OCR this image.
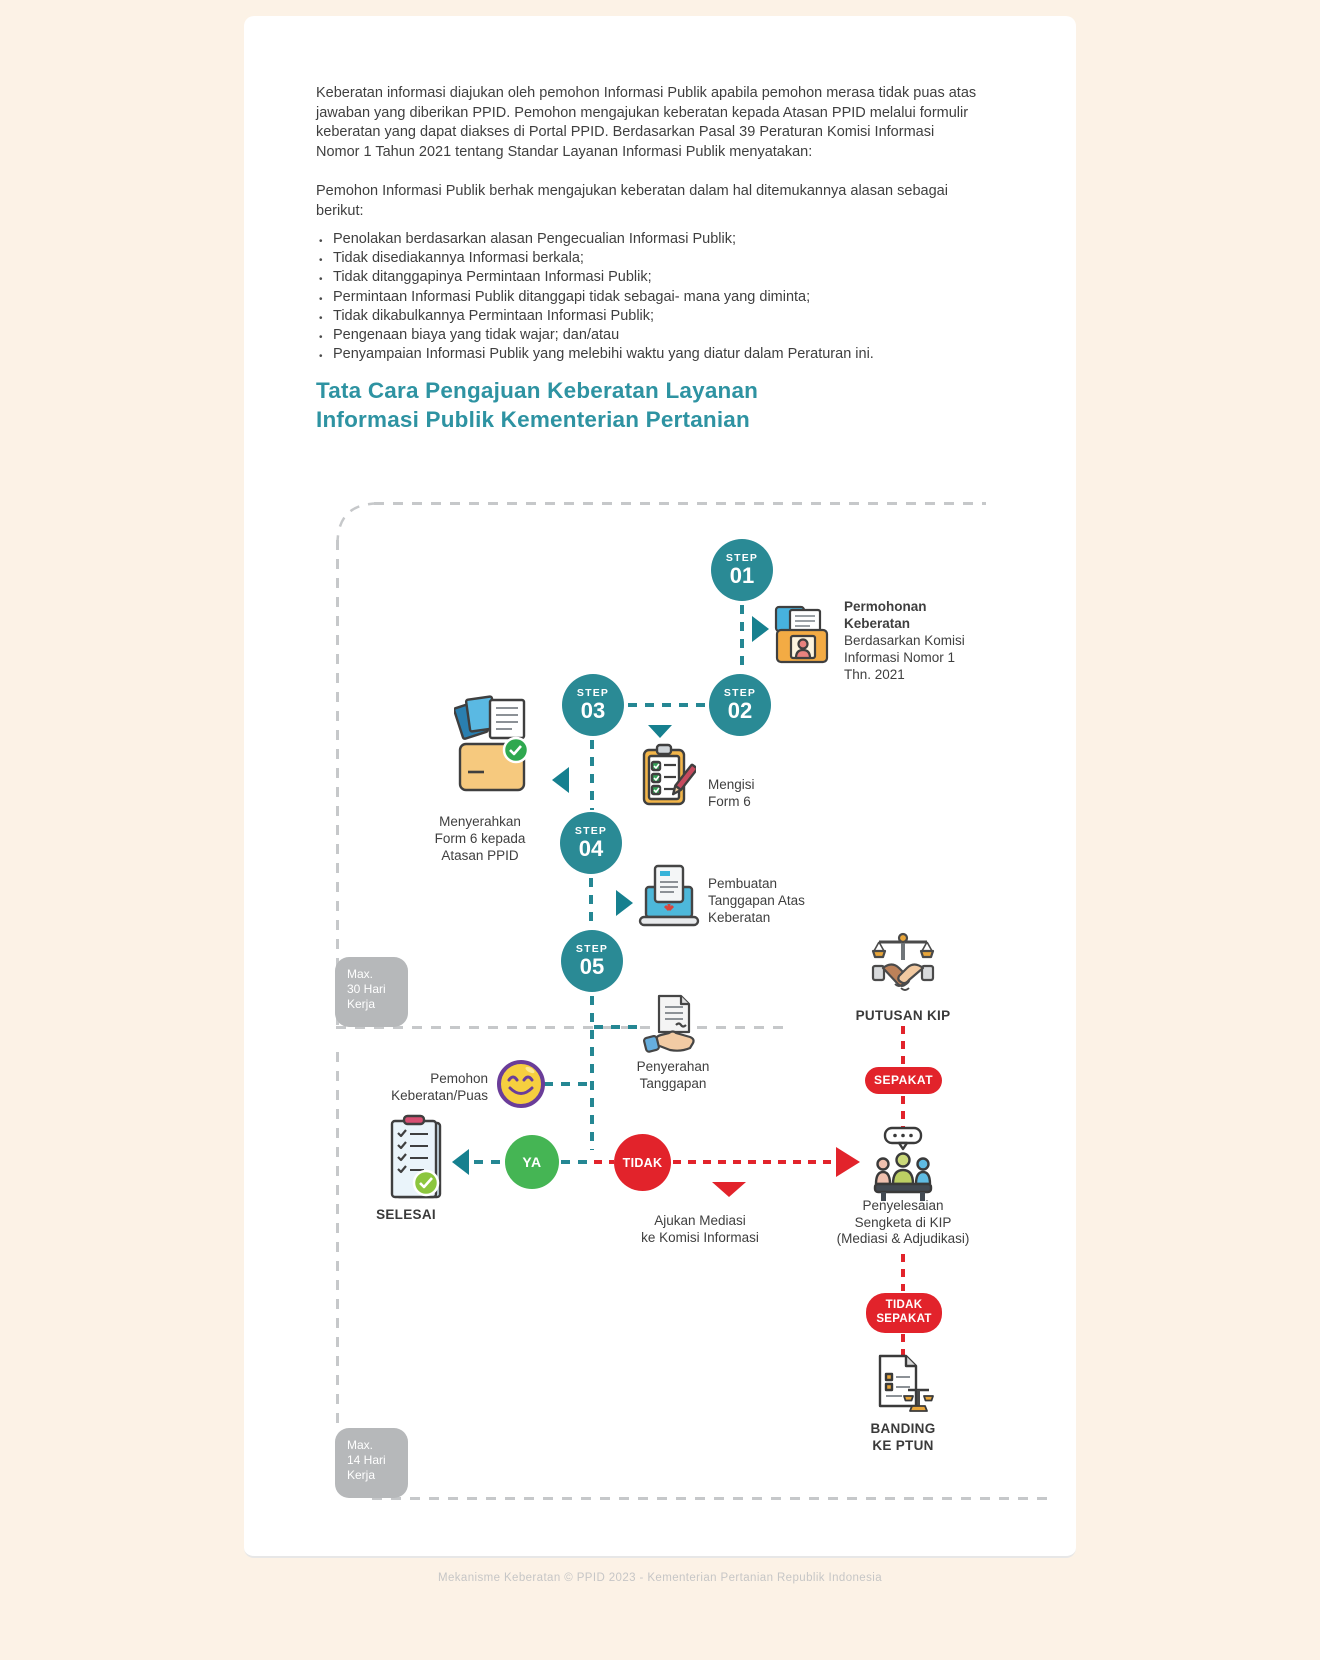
Keberatan informasi diajukan oleh pemohon Informasi Publik apabila pemohon merasa tidak puas atas jawaban yang diberikan PPID. Pemohon mengajukan keberatan kepada Atasan PPID melalui formulir keberatan yang dapat diakses di Portal PPID. Berdasarkan Pasal 39 Peraturan Komisi Informasi Nomor 1 Tahun 2021 tentang Standar Layanan Informasi Publik menyatakan:

Pemohon Informasi Publik berhak mengajukan keberatan dalam hal ditemukannya alasan sebagai berikut:

• Penolakan berdasarkan alasan Pengecualian Informasi Publik;
• Tidak disediakannya Informasi berkala;
• Tidak ditanggapinya Permintaan Informasi Publik;
• Permintaan Informasi Publik ditanggapi tidak sebagai- mana yang diminta;
• Tidak dikabulkannya Permintaan Informasi Publik;
• Pengenaan biaya yang tidak wajar; dan/atau
• Penyampaian Informasi Publik yang melebihi waktu yang diatur dalam Peraturan ini.
Tata Cara Pengajuan Keberatan Layanan
Informasi Publik Kementerian Pertanian
Max.
30 Hari
Kerja
Max.
14 Hari
Kerja
STEP
01
STEP
02
STEP
03
STEP
04
STEP
05
YA	TIDAK
SEPAKAT
TIDAK
SEPAKAT
Permohonan
Keberatan
Berdasarkan Komisi
Informasi Nomor 1
Thn. 2021
Mengisi
Form 6
Menyerahkan
Form 6 kepada
Atasan PPID
Pembuatan
Tanggapan Atas
Keberatan
Penyerahan
Tanggapan
Pemohon
Keberatan/Puas
SELESAI	Ajukan Mediasi
ke Komisi Informasi
PUTUSAN KIP
Penyelesaian
Sengketa di KIP
(Mediasi & Adjudikasi)
BANDING
KE PTUN
Mekanisme Keberatan © PPID 2023 - Kementerian Pertanian Republik Indonesia
